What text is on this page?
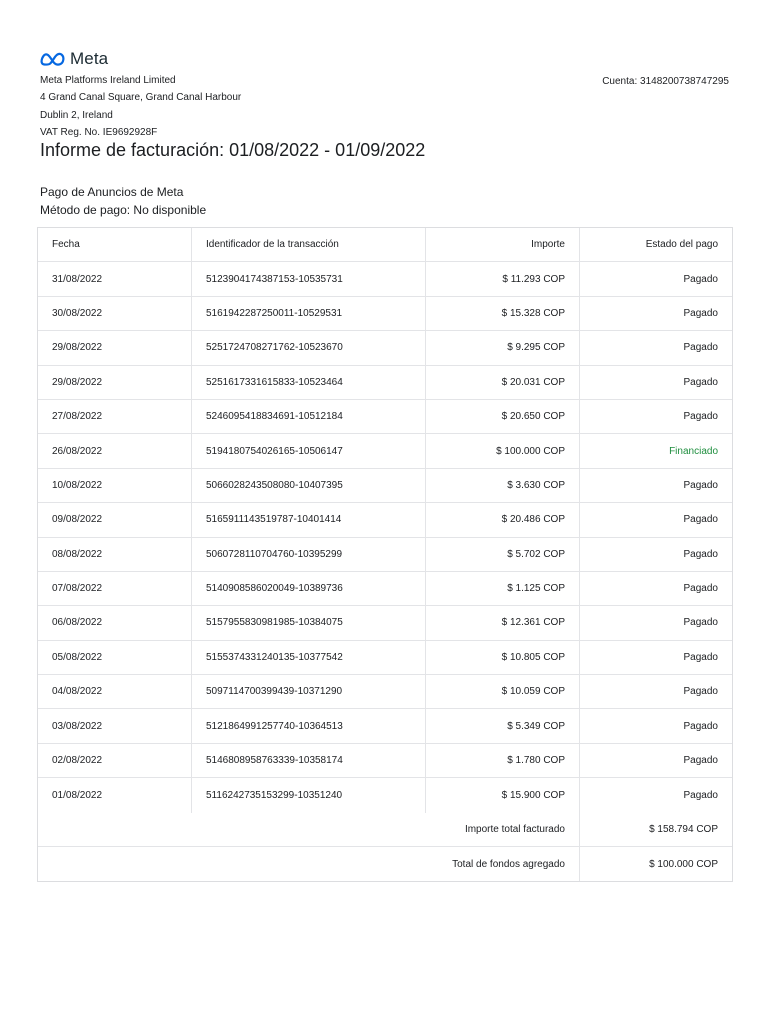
Meta
Meta Platforms Ireland Limited
4 Grand Canal Square, Grand Canal Harbour
Dublin 2, Ireland
VAT Reg. No. IE9692928F
Cuenta: 3148200738747295
Informe de facturación: 01/08/2022 - 01/09/2022
Pago de Anuncios de Meta
Método de pago: No disponible
Fecha	Identificador de la transacción	Importe	Estado del pago
31/08/2022	5123904174387153-10535731	$ 11.293 COP	Pagado
30/08/2022	5161942287250011-10529531	$ 15.328 COP	Pagado
29/08/2022	5251724708271762-10523670	$ 9.295 COP	Pagado
29/08/2022	5251617331615833-10523464	$ 20.031 COP	Pagado
27/08/2022	5246095418834691-10512184	$ 20.650 COP	Pagado
26/08/2022	5194180754026165-10506147	$ 100.000 COP	Financiado
10/08/2022	5066028243508080-10407395	$ 3.630 COP	Pagado
09/08/2022	5165911143519787-10401414	$ 20.486 COP	Pagado
08/08/2022	5060728110704760-10395299	$ 5.702 COP	Pagado
07/08/2022	5140908586020049-10389736	$ 1.125 COP	Pagado
06/08/2022	5157955830981985-10384075	$ 12.361 COP	Pagado
05/08/2022	5155374331240135-10377542	$ 10.805 COP	Pagado
04/08/2022	5097114700399439-10371290	$ 10.059 COP	Pagado
03/08/2022	5121864991257740-10364513	$ 5.349 COP	Pagado
02/08/2022	5146808958763339-10358174	$ 1.780 COP	Pagado
01/08/2022	5116242735153299-10351240	$ 15.900 COP	Pagado
Importe total facturado	$ 158.794 COP
Total de fondos agregado	$ 100.000 COP
